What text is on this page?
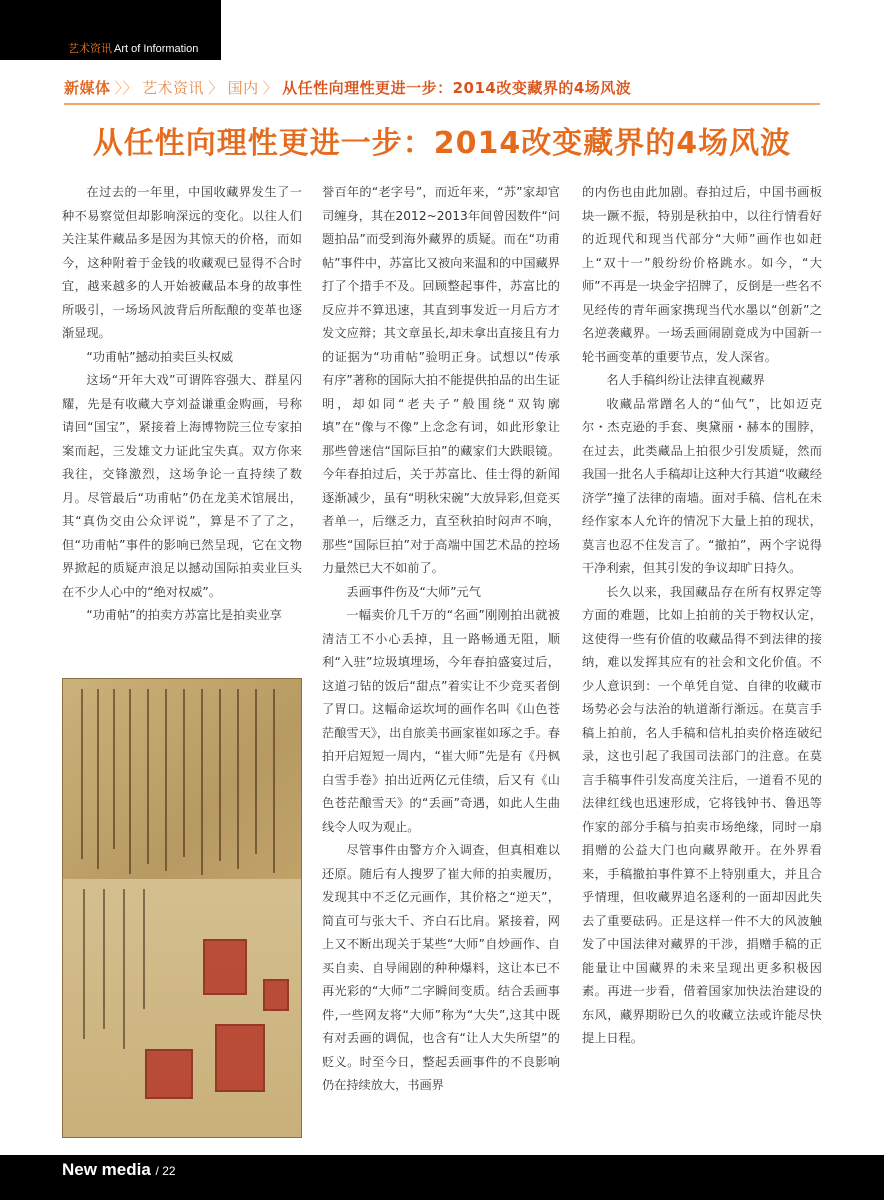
艺术资讯 Art of Information
新媒体 〉〉 艺术资讯 〉 国内 〉 从任性向理性更进一步：2014改变藏界的4场风波
从任性向理性更进一步：2014改变藏界的4场风波

在过去的一年里，中国收藏界发生了一种不易察觉但却影响深远的变化。以往人们关注某件藏品多是因为其惊天的价格，而如今，这种附着于金钱的收藏观已显得不合时宜，越来越多的人开始被藏品本身的故事性所吸引，一场场风波背后所酝酿的变革也逐渐显现。

“功甫帖”撼动拍卖巨头权威

这场“开年大戏”可谓阵容强大、群星闪耀，先是有收藏大亨刘益谦重金购画，号称请回“国宝”，紧接着上海博物院三位专家拍案而起，三发雄文力证此宝失真。双方你来我往，交锋激烈，这场争论一直持续了数月。尽管最后“功甫帖”仍在龙美术馆展出，其“真伪交由公众评说”，算是不了了之，但“功甫帖”事件的影响已然呈现，它在文物界掀起的质疑声浪足以撼动国际拍卖业巨头在不少人心中的“绝对权威”。

“功甫帖”的拍卖方苏富比是拍卖业享

誉百年的“老字号”，而近年来，“苏”家却官司缠身，其在2012~2013年间曾因数件“问题拍品”而受到海外藏界的质疑。而在“功甫帖”事件中，苏富比又被向来温和的中国藏界打了个措手不及。回顾整起事件，苏富比的反应并不算迅速，其直到事发近一月后方才发文应辩；其文章虽长,却未拿出直接且有力的证据为“功甫帖”验明正身。试想以“传承有序”著称的国际大拍不能提供拍品的出生证明，却如同“老夫子”般围绕“双钩廓填”在“像与不像”上念念有词，如此形象让那些曾迷信“国际巨拍”的藏家们大跌眼镜。今年春拍过后，关于苏富比、佳士得的新闻逐渐减少，虽有“明秋宋碗”大放异彩,但竞买者单一，后继乏力，直至秋拍时闷声不响，那些“国际巨拍”对于高端中国艺术品的控场力量然已大不如前了。

丢画事件伤及“大师”元气

一幅卖价几千万的“名画”刚刚拍出就被清洁工不小心丢掉，且一路畅通无阻，顺利“入驻”垃圾填埋场，今年春拍盛宴过后，这道刁钻的饭后“甜点”着实让不少竞买者倒了胃口。这幅命运坎坷的画作名叫《山色苍茫酿雪天》，出自旅美书画家崔如琢之手。春拍开启短短一周内，“崔大师”先是有《丹枫白雪手卷》拍出近两亿元佳绩，后又有《山色苍茫酿雪天》的“丢画”奇遇，如此人生曲线令人叹为观止。

尽管事件由警方介入调查，但真相难以还原。随后有人搜罗了崔大师的拍卖履历，发现其中不乏亿元画作，其价格之“逆天”，简直可与张大千、齐白石比肩。紧接着，网上又不断出现关于某些“大师”自炒画作、自买自卖、自导闹剧的种种爆料，这让本已不再光彩的“大师”二字瞬间变质。结合丢画事件,一些网友将“大师”称为“大失”,这其中既有对丢画的调侃，也含有“让人大失所望”的贬义。时至今日，整起丢画事件的不良影响仍在持续放大，书画界

的内伤也由此加剧。春拍过后，中国书画板块一蹶不振，特别是秋拍中，以往行情看好的近现代和现当代部分“大师”画作也如赶上“双十一”般纷纷价格跳水。如今，“大师”不再是一块金字招牌了，反倒是一些名不见经传的青年画家携现当代水墨以“创新”之名逆袭藏界。一场丢画闹剧竟成为中国新一轮书画变革的重要节点，发人深省。

名人手稿纠纷让法律直视藏界

收藏品常蹭名人的“仙气”，比如迈克尔・杰克逊的手套、奥黛丽・赫本的围脖，在过去，此类藏品上拍很少引发质疑，然而我国一批名人手稿却让这种大行其道“收藏经济学”撞了法律的南墙。面对手稿、信札在未经作家本人允许的情况下大量上拍的现状，莫言也忍不住发言了。“撤拍”，两个字说得干净利索，但其引发的争议却旷日持久。

长久以来，我国藏品存在所有权界定等方面的难题，比如上拍前的关于物权认定，这使得一些有价值的收藏品得不到法律的接纳，难以发挥其应有的社会和文化价值。不少人意识到：一个单凭自觉、自律的收藏市场势必会与法治的轨道渐行渐远。在莫言手稿上拍前，名人手稿和信札拍卖价格连破纪录，这也引起了我国司法部门的注意。在莫言手稿事件引发高度关注后，一道看不见的法律红线也迅速形成，它将钱钟书、鲁迅等作家的部分手稿与拍卖市场绝缘，同时一扇捐赠的公益大门也向藏界敞开。在外界看来，手稿撤拍事件算不上特别重大，并且合乎情理，但收藏界追名逐利的一面却因此失去了重要砝码。正是这样一件不大的风波触发了中国法律对藏界的干涉，捐赠手稿的正能量让中国藏界的未来呈现出更多积极因素。再进一步看，借着国家加快法治建设的东风，藏界期盼已久的收藏立法或许能尽快提上日程。

New media / 22
